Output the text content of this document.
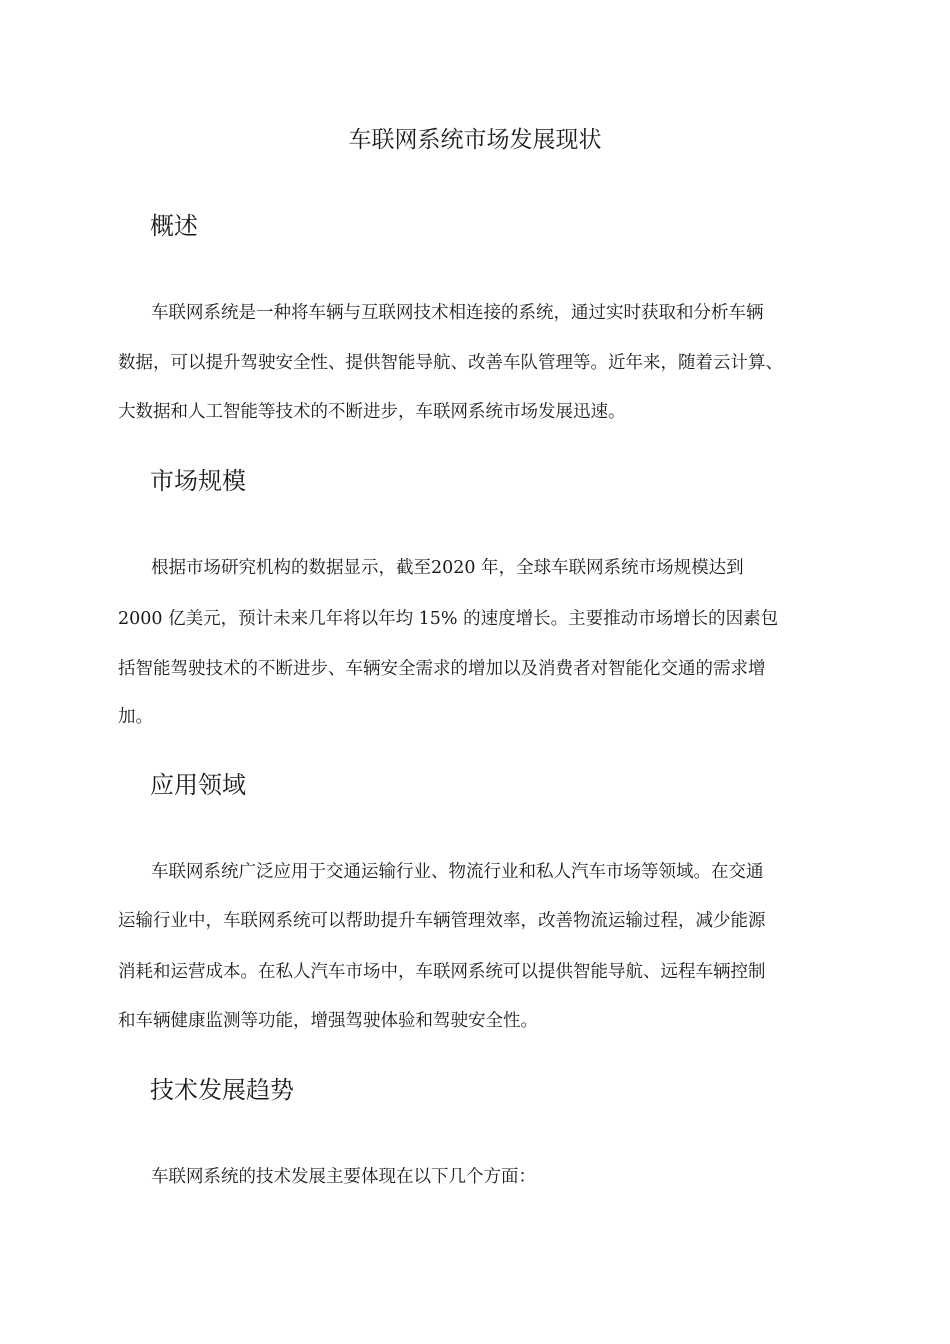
车联网系统市场发展现状
概述
车联网系统是一种将车辆与互联网技术相连接的系统，通过实时获取和分析车辆
数据，可以提升驾驶安全性、提供智能导航、改善车队管理等。近年来，随着云计算、
大数据和人工智能等技术的不断进步，车联网系统市场发展迅速。
市场规模
根据市场研究机构的数据显示，截至2020 年，全球车联网系统市场规模达到
2000 亿美元，预计未来几年将以年均 15% 的速度增长。主要推动市场增长的因素包
括智能驾驶技术的不断进步、车辆安全需求的增加以及消费者对智能化交通的需求增
加。
应用领域
车联网系统广泛应用于交通运输行业、物流行业和私人汽车市场等领域。在交通
运输行业中，车联网系统可以帮助提升车辆管理效率，改善物流运输过程，减少能源
消耗和运营成本。在私人汽车市场中，车联网系统可以提供智能导航、远程车辆控制
和车辆健康监测等功能，增强驾驶体验和驾驶安全性。
技术发展趋势
车联网系统的技术发展主要体现在以下几个方面：
